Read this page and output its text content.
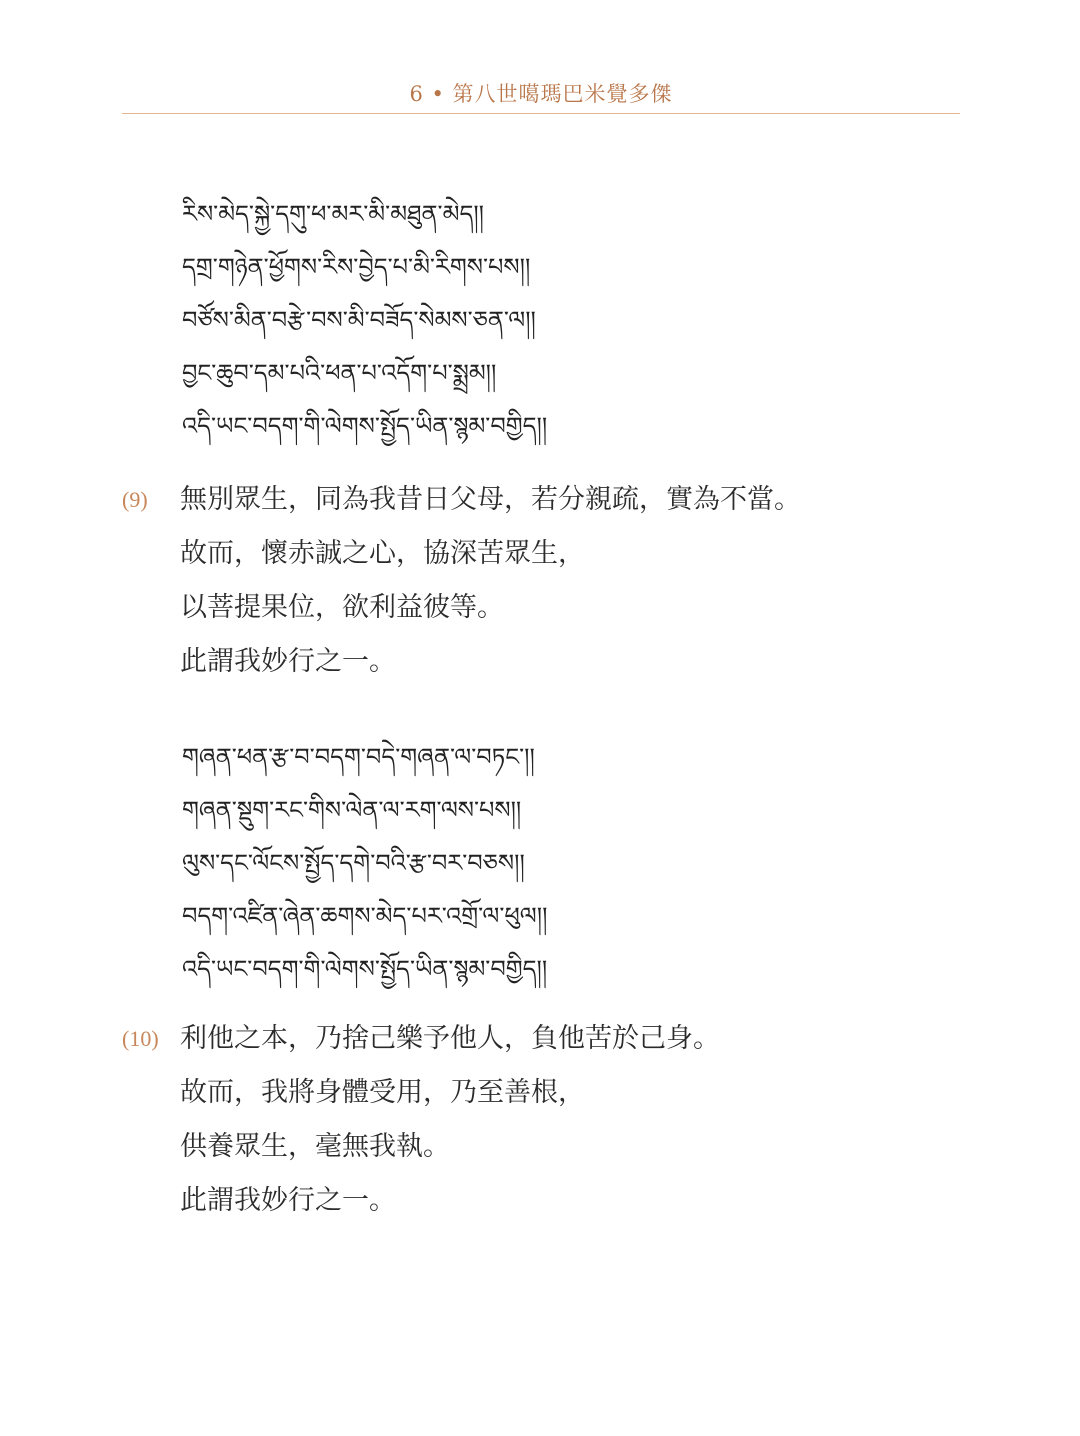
6 • 第八世噶瑪巴米覺多傑
རིས་མེད་སྐྱེ་དགུ་ཕ་མར་མི་མཐུན་མེད།།
དགྲ་གཉེན་ཕྱོགས་རིས་བྱེད་པ་མི་རིགས་པས།།
བཙོས་མིན་བརྩེ་བས་མི་བཟོད་སེམས་ཅན་ལ།།
བྱང་ཆུབ་དམ་པའི་ཕན་པ་འདོག་པ་སྨྲམ།།
འདི་ཡང་བདག་གི་ལེགས་སྤྱོད་ཡིན་སྙམ་བགྱིད།།
(9) 無別眾生，同為我昔日父母，若分親疏，實為不當。
故而，懷赤誠之心，協深苦眾生，
以菩提果位，欲利益彼等。
此謂我妙行之一。
གཞན་ཕན་རྩ་བ་བདག་བདེ་གཞན་ལ་བཏང་།།
གཞན་སྡུག་རང་གིས་ལེན་ལ་རག་ལས་པས།།
ལུས་དང་ལོངས་སྤྱོད་དགེ་བའི་རྩ་བར་བཅས།།
བདག་འཛིན་ཞེན་ཆགས་མེད་པར་འགྲོ་ལ་ཕུལ།།
འདི་ཡང་བདག་གི་ལེགས་སྤྱོད་ཡིན་སྙམ་བགྱིད།།
(10) 利他之本，乃捨己樂予他人，負他苦於己身。
故而，我將身體受用，乃至善根，
供養眾生，毫無我執。
此謂我妙行之一。
